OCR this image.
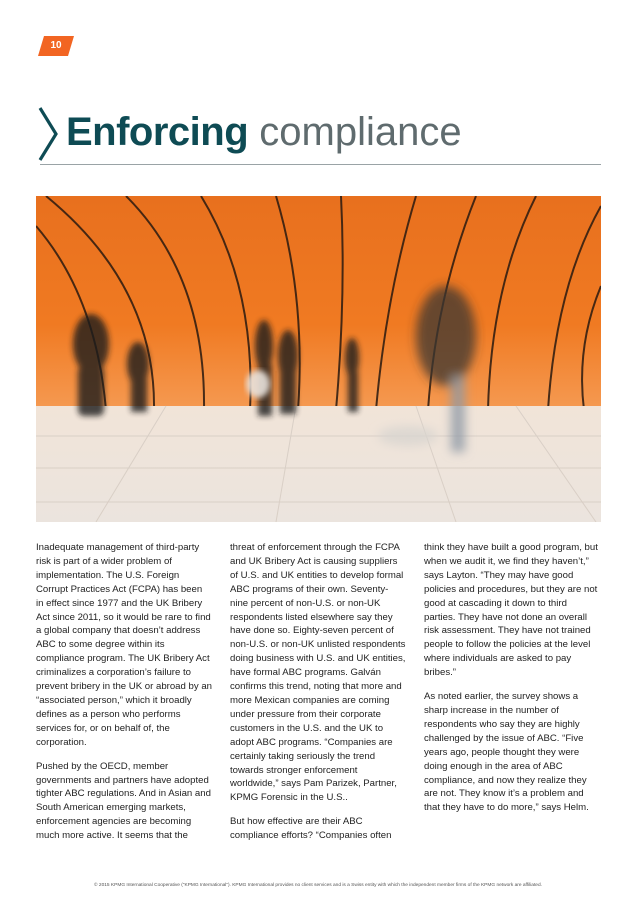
10
Enforcing compliance

Inadequate management of third-party risk is part of a wider problem of implementation. The U.S. Foreign Corrupt Practices Act (FCPA) has been in effect since 1977 and the UK Bribery Act since 2011, so it would be rare to find a global company that doesn’t address ABC to some degree within its compliance program. The UK Bribery Act criminalizes a corporation’s failure to prevent bribery in the UK or abroad by an “associated person,” which it broadly defines as a person who performs services for, or on behalf of, the corporation.

Pushed by the OECD, member governments and partners have adopted tighter ABC regulations. And in Asian and South American emerging markets, enforcement agencies are becoming much more active. It seems that the

threat of enforcement through the FCPA and UK Bribery Act is causing suppliers of U.S. and UK entities to develop formal ABC programs of their own. Seventy-nine percent of non-U.S. or non-UK respondents listed elsewhere say they have done so. Eighty-seven percent of non-U.S. or non-UK unlisted respondents doing business with U.S. and UK entities, have formal ABC programs. Galván confirms this trend, noting that more and more Mexican companies are coming under pressure from their corporate customers in the U.S. and the UK to adopt ABC programs. “Companies are certainly taking seriously the trend towards stronger enforcement worldwide,” says Pam Parizek, Partner, KPMG Forensic in the U.S..

But how effective are their ABC compliance efforts? “Companies often

think they have built a good program, but when we audit it, we find they haven’t,” says Layton. “They may have good policies and procedures, but they are not good at cascading it down to third parties. They have not done an overall risk assessment. They have not trained people to follow the policies at the level where individuals are asked to pay bribes.”

As noted earlier, the survey shows a sharp increase in the number of respondents who say they are highly challenged by the issue of ABC. “Five years ago, people thought they were doing enough in the area of ABC compliance, and now they realize they are not. They know it’s a problem and that they have to do more,” says Helm.

© 2015 KPMG International Cooperative (“KPMG International”). KPMG International provides no client services and is a Swiss entity with which the independent member firms of the KPMG network are affiliated.
